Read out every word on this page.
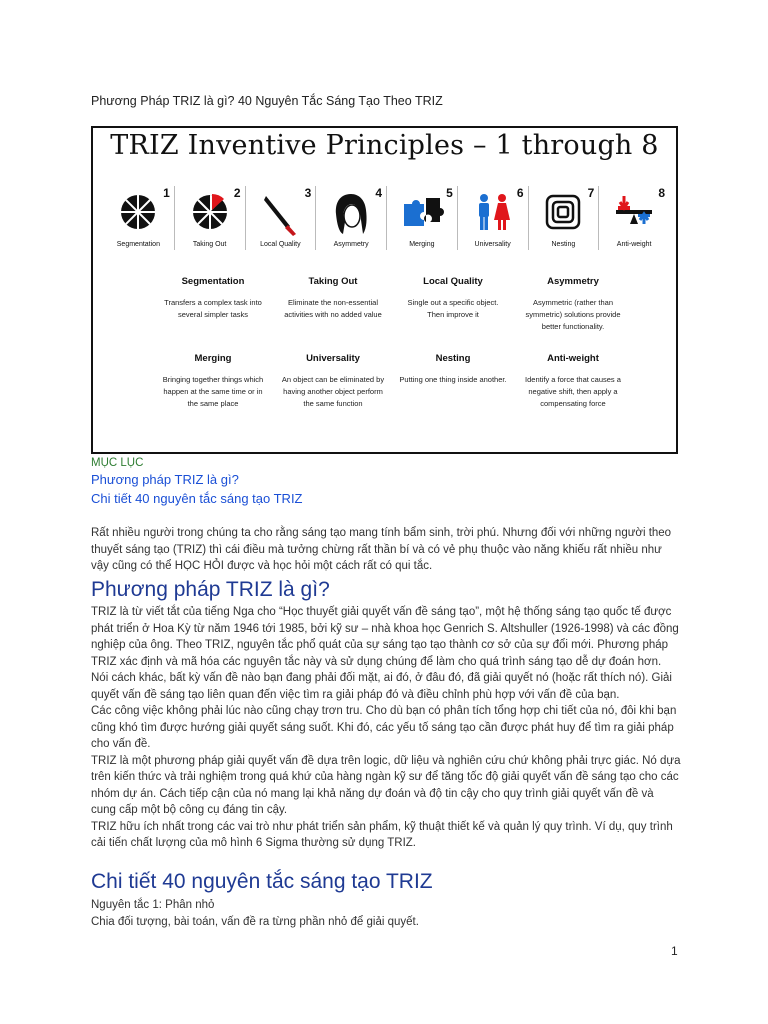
Phương Pháp TRIZ là gì? 40 Nguyên Tắc Sáng Tạo Theo TRIZ
TRIZ Inventive Principles – 1 through 8
1
Segmentation
2
Taking Out
3
Local Quality
4
Asymmetry
5
Merging
6
Universality
7
Nesting
8
Anti-weight
Segmentation
Transfers a complex task into several simpler tasks
Taking Out
Eliminate the non-essential activities with no added value
Local Quality
Single out a specific object. Then improve it
Asymmetry
Asymmetric (rather than symmetric) solutions provide better functionality.
Merging
Bringing together things which happen at the same time or in the same place
Universality
An object can be eliminated by having another object perform the same function
Nesting
Putting one thing inside another.
Anti-weight
Identify a force that causes a negative shift, then apply a compensating force
MỤC LỤC
Phương pháp TRIZ là gì?
Chi tiết 40 nguyên tắc sáng tạo TRIZ
Rất nhiều người trong chúng ta cho rằng sáng tạo mang tính bẩm sinh, trời phú. Nhưng đối với những người theo thuyết sáng tạo (TRIZ) thì cái điều mà tưởng chừng rất thần bí và có vẻ phụ thuộc vào năng khiếu rất nhiều như vậy cũng có thể HỌC HỎI được và học hỏi một cách rất có qui tắc.
Phương pháp TRIZ là gì?
TRIZ là từ viết tắt của tiếng Nga cho “Học thuyết giải quyết vấn đề sáng tạo”, một hệ thống sáng tạo quốc tế được phát triển ở Hoa Kỳ từ năm 1946 tới 1985, bởi kỹ sư – nhà khoa học Genrich S. Altshuller (1926-1998) và các đồng nghiệp của ông. Theo TRIZ, nguyên tắc phổ quát của sự sáng tạo tạo thành cơ sở của sự đổi mới. Phương pháp TRIZ xác định và mã hóa các nguyên tắc này và sử dụng chúng để làm cho quá trình sáng tạo dễ dự đoán hơn. Nói cách khác, bất kỳ vấn đề nào bạn đang phải đối mặt, ai đó, ở đâu đó, đã giải quyết nó (hoặc rất thích nó). Giải quyết vấn đề sáng tạo liên quan đến việc tìm ra giải pháp đó và điều chỉnh phù hợp với vấn đề của bạn.
Các công việc không phải lúc nào cũng chạy trơn tru. Cho dù bạn có phân tích tổng hợp chi tiết của nó, đôi khi bạn cũng khó tìm được hướng giải quyết sáng suốt. Khi đó, các yếu tố sáng tạo cần được phát huy để tìm ra giải pháp cho vấn đề.
TRIZ là một phương pháp giải quyết vấn đề dựa trên logic, dữ liệu và nghiên cứu chứ không phải trực giác. Nó dựa trên kiến thức và trải nghiệm trong quá khứ của hàng ngàn kỹ sư để tăng tốc độ giải quyết vấn đề sáng tạo cho các nhóm dự án. Cách tiếp cận của nó mang lại khả năng dự đoán và độ tin cậy cho quy trình giải quyết vấn đề và cung cấp một bộ công cụ đáng tin cậy.
TRIZ hữu ích nhất trong các vai trò như phát triển sản phẩm, kỹ thuật thiết kế và quản lý quy trình. Ví dụ, quy trình cải tiến chất lượng của mô hình 6 Sigma thường sử dụng TRIZ.
Chi tiết 40 nguyên tắc sáng tạo TRIZ
Nguyên tắc 1: Phân nhỏ
Chia đối tượng, bài toán, vấn đề ra từng phần nhỏ để giải quyết.
1
